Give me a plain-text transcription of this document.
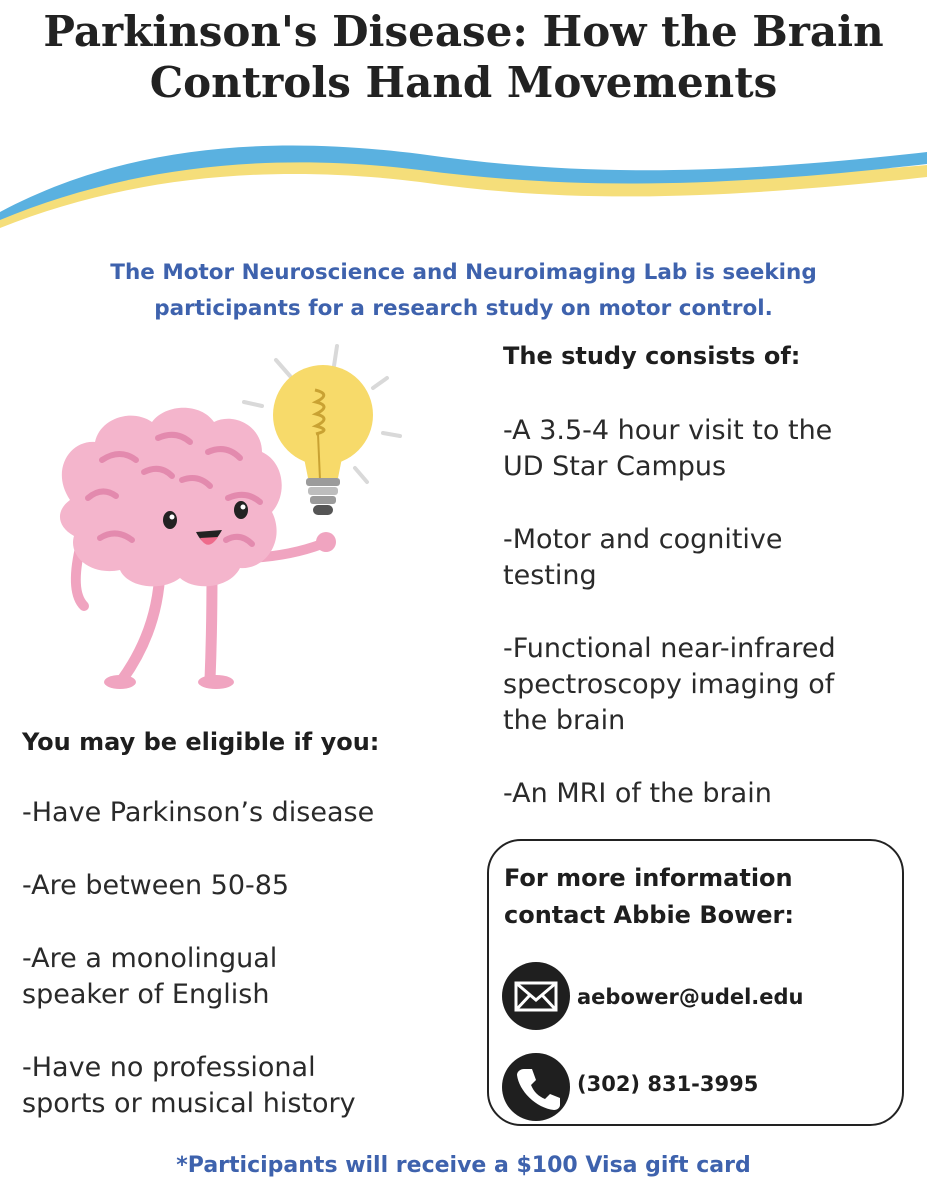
Parkinson's Disease: How the Brain
Controls Hand Movements
The Motor Neuroscience and Neuroimaging Lab is seeking
participants for a research study on motor control.
The study consists of:
-A 3.5-4 hour visit to the
UD Star Campus
-Motor and cognitive
testing
-Functional near-infrared
spectroscopy imaging of
the brain
-An MRI of the brain
You may be eligible if you:
-Have Parkinson’s disease
-Are between 50-85
-Are a monolingual
speaker of English
-Have no professional
sports or musical history
For more information
contact Abbie Bower:
aebower@udel.edu
(302) 831-3995
*Participants will receive a $100 Visa gift card
